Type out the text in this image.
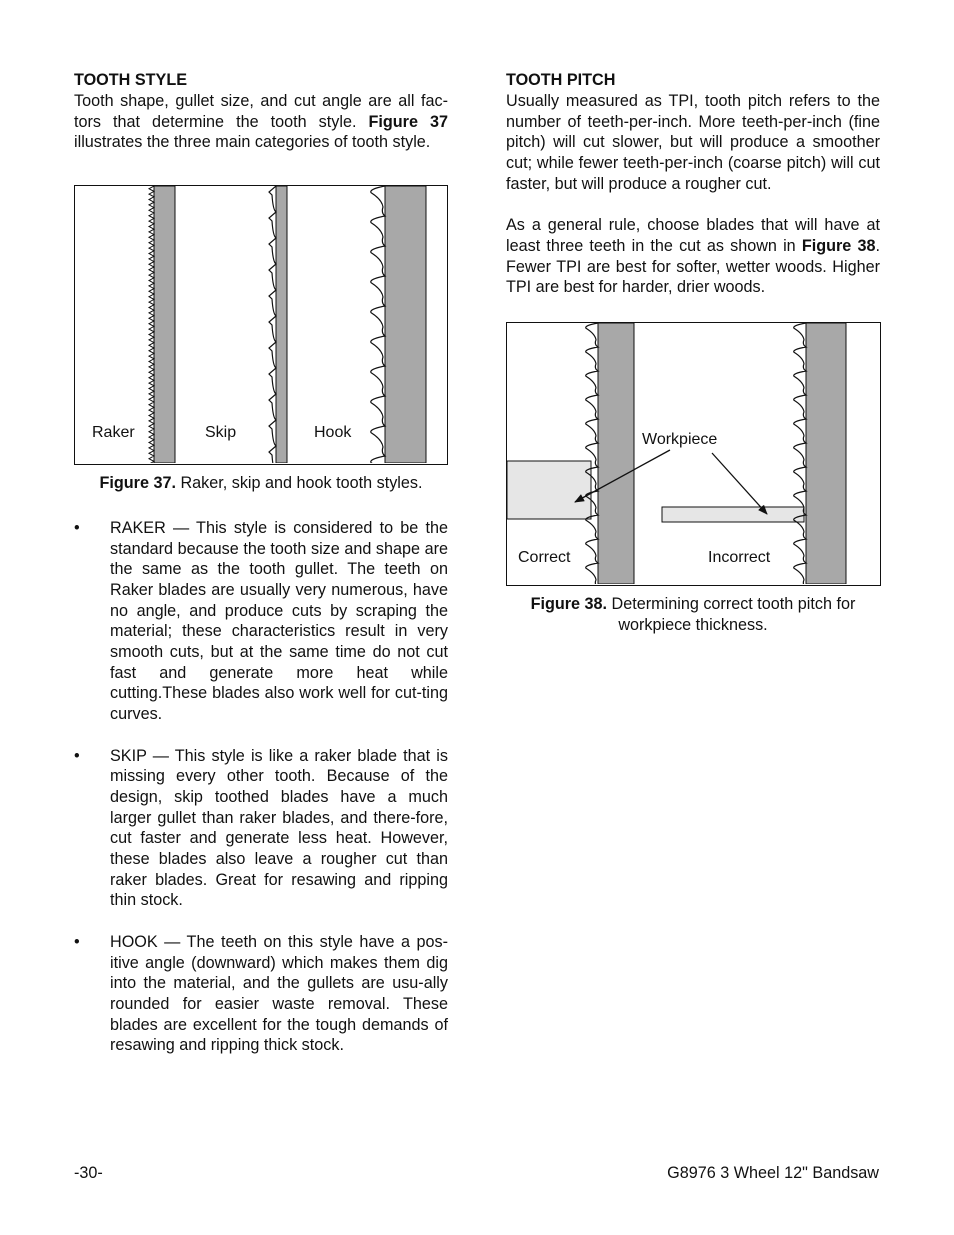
TOOTH STYLE

Tooth shape, gullet size, and cut angle are all fac-tors that determine the tooth style. Figure 37 illustrates the three main categories of tooth style.

Raker	Skip	Hook
Figure 37. Raker, skip and hook tooth styles.
• RAKER — This style is considered to be the standard because the tooth size and shape are the same as the tooth gullet. The teeth on Raker blades are usually very numerous, have no angle, and produce cuts by scraping the material; these characteristics result in very smooth cuts, but at the same time do not cut fast and generate more heat while cutting.These blades also work well for cut-ting curves.
• SKIP — This style is like a raker blade that is missing every other tooth. Because of the design, skip toothed blades have a much larger gullet than raker blades, and there-fore, cut faster and generate less heat. However, these blades also leave a rougher cut than raker blades. Great for resawing and ripping thin stock.
• HOOK — The teeth on this style have a pos-itive angle (downward) which makes them dig into the material, and the gullets are usu-ally rounded for easier waste removal. These blades are excellent for the tough demands of resawing and ripping thick stock.
TOOTH PITCH

Usually measured as TPI, tooth pitch refers to the number of teeth-per-inch. More teeth-per-inch (fine pitch) will cut slower, but will produce a smoother cut; while fewer teeth-per-inch (coarse pitch) will cut faster, but will produce a rougher cut.

As a general rule, choose blades that will have at least three teeth in the cut as shown in Figure 38. Fewer TPI are best for softer, wetter woods. Higher TPI are best for harder, drier woods.

Workpiece
Correct	Incorrect
Figure 38. Determining correct tooth pitch for workpiece thickness.
-30-	G8976 3 Wheel 12" Bandsaw
